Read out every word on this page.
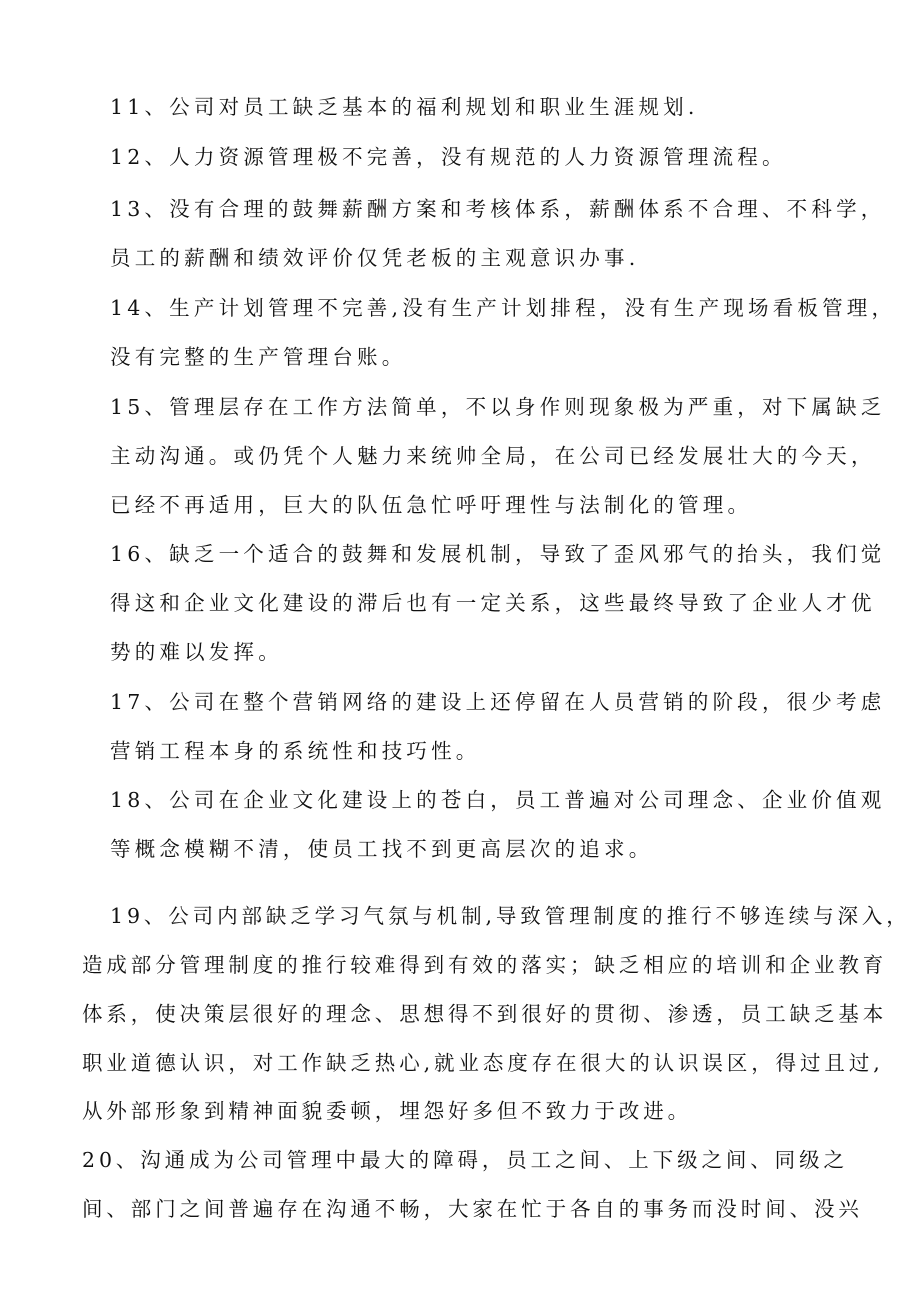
11、公司对员工缺乏基本的福利规划和职业生涯规划.
12、人力资源管理极不完善，没有规范的人力资源管理流程。
13、没有合理的鼓舞薪酬方案和考核体系，薪酬体系不合理、不科学，
员工的薪酬和绩效评价仅凭老板的主观意识办事.
14、生产计划管理不完善,没有生产计划排程，没有生产现场看板管理，
没有完整的生产管理台账。
15、管理层存在工作方法简单，不以身作则现象极为严重，对下属缺乏
主动沟通。或仍凭个人魅力来统帅全局，在公司已经发展壮大的今天，
已经不再适用，巨大的队伍急忙呼吁理性与法制化的管理。
16、缺乏一个适合的鼓舞和发展机制，导致了歪风邪气的抬头，我们觉
得这和企业文化建设的滞后也有一定关系，这些最终导致了企业人才优
势的难以发挥。
17、公司在整个营销网络的建设上还停留在人员营销的阶段，很少考虑
营销工程本身的系统性和技巧性。
18、公司在企业文化建设上的苍白，员工普遍对公司理念、企业价值观
等概念模糊不清，使员工找不到更高层次的追求。
19、公司内部缺乏学习气氛与机制,导致管理制度的推行不够连续与深入，
造成部分管理制度的推行较难得到有效的落实；缺乏相应的培训和企业教育
体系，使决策层很好的理念、思想得不到很好的贯彻、渗透，员工缺乏基本
职业道德认识，对工作缺乏热心,就业态度存在很大的认识误区，得过且过,
从外部形象到精神面貌委顿，埋怨好多但不致力于改进。
20、沟通成为公司管理中最大的障碍，员工之间、上下级之间、同级之
间、部门之间普遍存在沟通不畅，大家在忙于各自的事务而没时间、没兴
